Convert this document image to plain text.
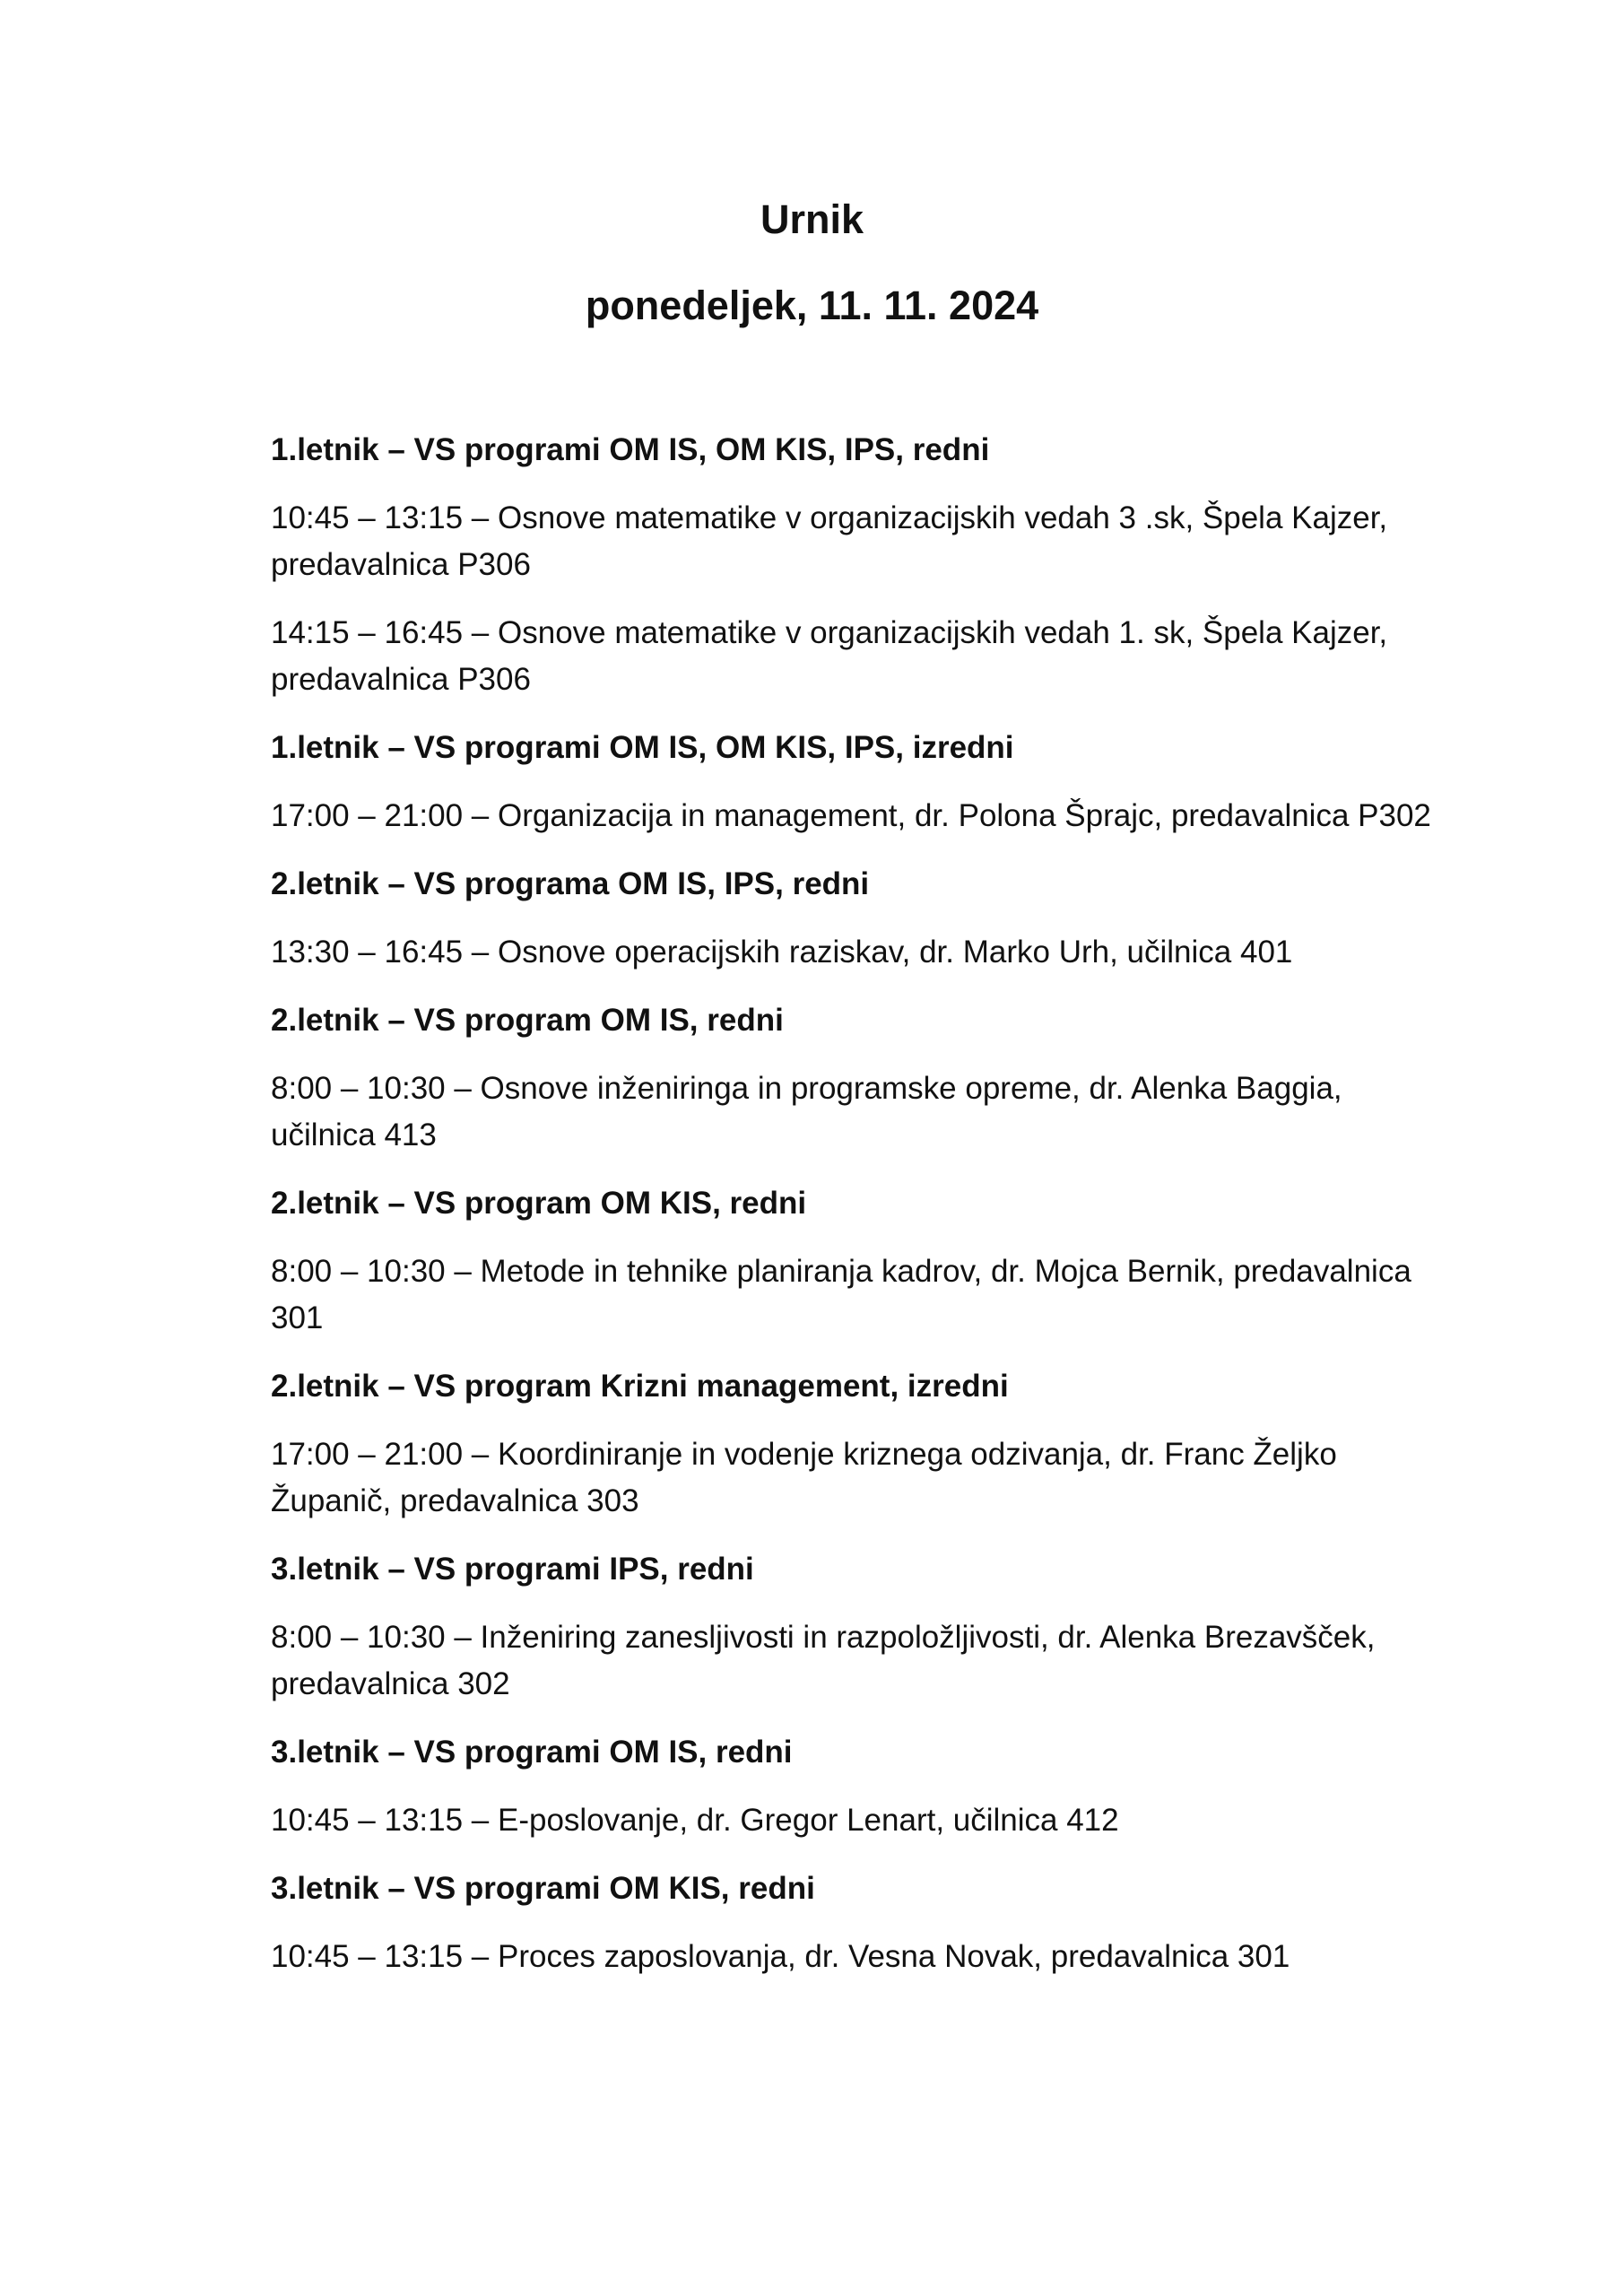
Urnik
ponedeljek, 11. 11. 2024

1.letnik – VS programi OM IS, OM KIS, IPS, redni

10:45 – 13:15 – Osnove matematike v organizacijskih vedah 3 .sk, Špela Kajzer, predavalnica P306

14:15 – 16:45 – Osnove matematike v organizacijskih vedah 1. sk, Špela Kajzer, predavalnica P306

1.letnik – VS programi OM IS, OM KIS, IPS, izredni

17:00 – 21:00 – Organizacija in management, dr. Polona Šprajc, predavalnica P302

2.letnik – VS programa OM IS, IPS, redni

13:30 – 16:45 – Osnove operacijskih raziskav, dr. Marko Urh, učilnica 401

2.letnik – VS program OM IS, redni

8:00 – 10:30 – Osnove inženiringa in programske opreme, dr. Alenka Baggia, učilnica 413

2.letnik – VS program OM KIS, redni

8:00 – 10:30 – Metode in tehnike planiranja kadrov, dr. Mojca Bernik, predavalnica 301

2.letnik – VS program Krizni management, izredni

17:00 – 21:00 – Koordiniranje in vodenje kriznega odzivanja, dr. Franc Željko Županič, predavalnica 303

3.letnik – VS programi IPS, redni

8:00 – 10:30 – Inženiring zanesljivosti in razpoložljivosti, dr. Alenka Brezavšček, predavalnica 302

3.letnik – VS programi OM IS, redni

10:45 – 13:15 – E-poslovanje, dr. Gregor Lenart, učilnica 412

3.letnik – VS programi OM KIS, redni

10:45 – 13:15 – Proces zaposlovanja, dr. Vesna Novak, predavalnica 301
